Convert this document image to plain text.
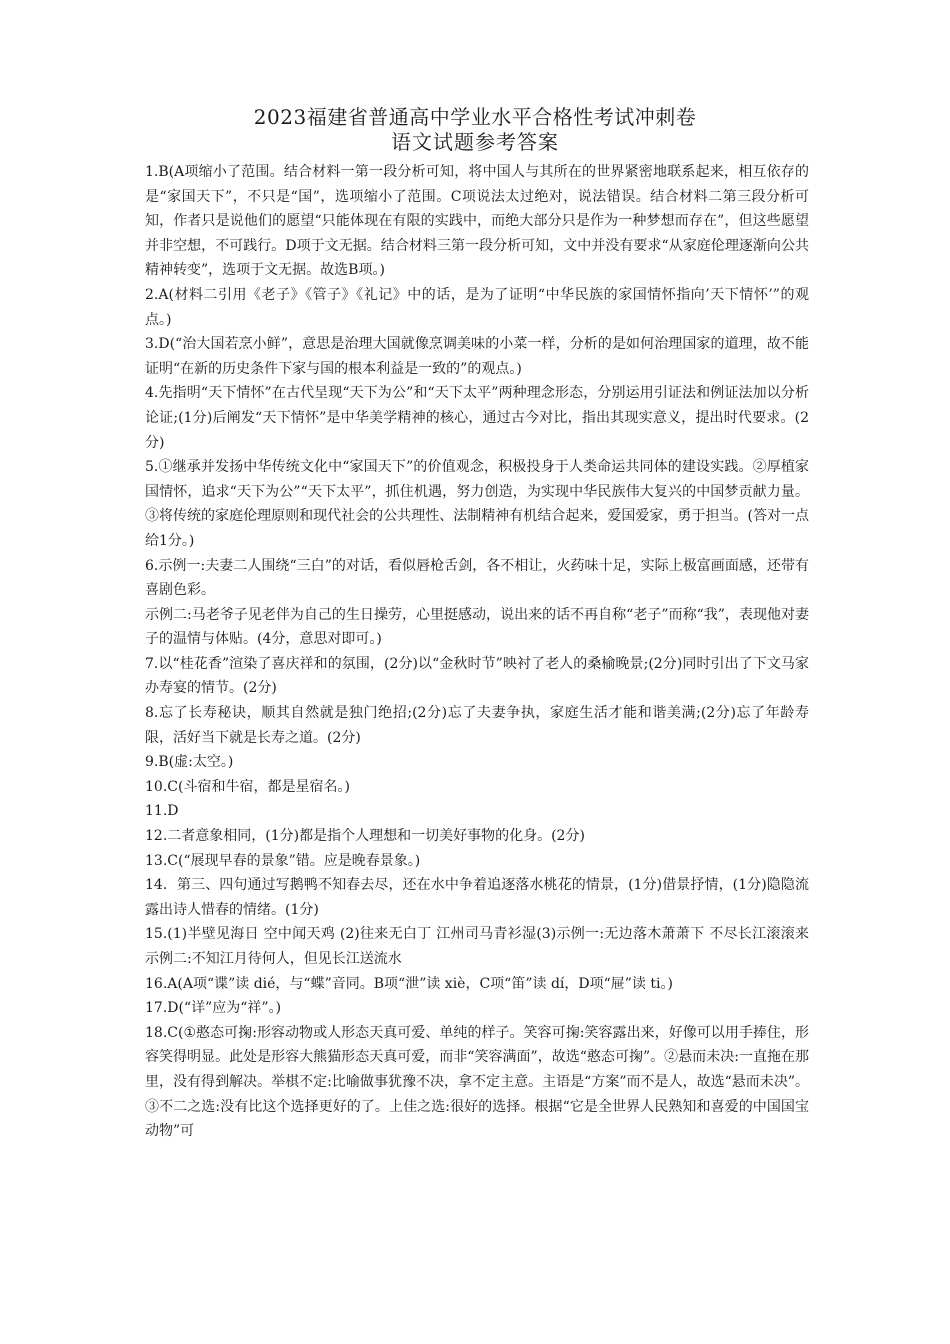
2023福建省普通高中学业水平合格性考试冲刺卷
语文试题参考答案

1.B(A项缩小了范围。结合材料一第一段分析可知，将中国人与其所在的世界紧密地联系起来，相互依存的是“家国天下”，不只是“国”，选项缩小了范围。C项说法太过绝对，说法错误。结合材料二第三段分析可知，作者只是说他们的愿望“只能体现在有限的实践中，而绝大部分只是作为一种梦想而存在”，但这些愿望并非空想，不可践行。D项于文无据。结合材料三第一段分析可知，文中并没有要求“从家庭伦理逐渐向公共精神转变”，选项于文无据。故选B项。)

2.A(材料二引用《老子》《管子》《礼记》中的话，是为了证明“中华民族的家国情怀指向’天下情怀’”的观点。)

3.D(“治大国若烹小鲜”，意思是治理大国就像烹调美味的小菜一样，分析的是如何治理国家的道理，故不能证明“在新的历史条件下家与国的根本利益是一致的”的观点。)

4.先指明“天下情怀”在古代呈现“天下为公”和“天下太平”两种理念形态，分别运用引证法和例证法加以分析论证;(1分)后阐发“天下情怀”是中华美学精神的核心，通过古今对比，指出其现实意义，提出时代要求。(2分)

5.①继承并发扬中华传统文化中“家国天下”的价值观念，积极投身于人类命运共同体的建设实践。②厚植家国情怀，追求“天下为公”“天下太平”，抓住机遇，努力创造，为实现中华民族伟大复兴的中国梦贡献力量。③将传统的家庭伦理原则和现代社会的公共理性、法制精神有机结合起来，爱国爱家，勇于担当。(答对一点给1分。)

6.示例一:夫妻二人围绕“三白”的对话，看似唇枪舌剑，各不相让，火药味十足，实际上极富画面感，还带有喜剧色彩。

示例二:马老爷子见老伴为自己的生日操劳，心里挺感动，说出来的话不再自称“老子”而称“我”，表现他对妻子的温情与体贴。(4分，意思对即可。)

7.以“桂花香”渲染了喜庆祥和的氛围，(2分)以“金秋时节”映衬了老人的桑榆晚景;(2分)同时引出了下文马家办寿宴的情节。(2分)

8.忘了长寿秘诀，顺其自然就是独门绝招;(2分)忘了夫妻争执，家庭生活才能和谐美满;(2分)忘了年龄寿限，活好当下就是长寿之道。(2分)

9.B(虚:太空。)

10.C(斗宿和牛宿，都是星宿名。)

11.D

12.二者意象相同，(1分)都是指个人理想和一切美好事物的化身。(2分)

13.C(“展现早春的景象”错。应是晚春景象。)

14．第三、四句通过写鹅鸭不知春去尽，还在水中争着追逐落水桃花的情景，(1分)借景抒情，(1分)隐隐流露出诗人惜春的情绪。(1分)

15.(1)半壁见海日 空中闻天鸡 (2)往来无白丁 江州司马青衫湿(3)示例一:无边落木萧萧下 不尽长江滚滚来 示例二:不知江月待何人，但见长江送流水

16.A(A项“谍”读 dié，与“蝶”音同。B项“泄”读 xiè，C项“笛”读 dí，D项“屉”读 ti。)

17.D(“详”应为“祥”。)

18.C(①憨态可掬:形容动物或人形态天真可爱、单纯的样子。笑容可掬:笑容露出来，好像可以用手捧住，形容笑得明显。此处是形容大熊猫形态天真可爱，而非“笑容满面”，故选“憨态可掬”。②悬而未决:一直拖在那里，没有得到解决。举棋不定:比喻做事犹豫不决，拿不定主意。主语是“方案”而不是人，故选“悬而未决”。③不二之选:没有比这个选择更好的了。上佳之选:很好的选择。根据“它是全世界人民熟知和喜爱的中国国宝动物”可
